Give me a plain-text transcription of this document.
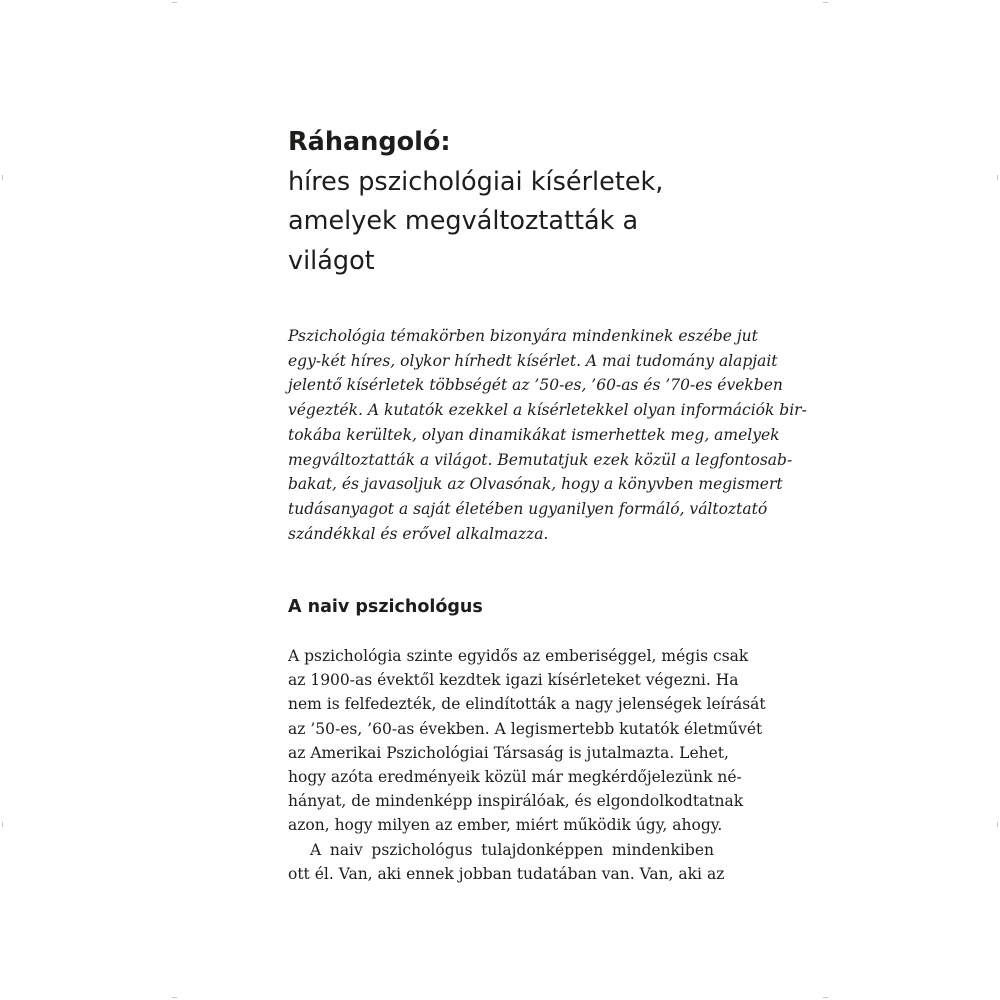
Ráhangoló:
híres pszichológiai kísérletek,
amelyek megváltoztatták a
világot

Pszichológia témakörben bizonyára mindenkinek eszébe jut
egy-két híres, olykor hírhedt kísérlet. A mai tudomány alapjait
jelentő kísérletek többségét az ’50-es, ’60-as és ’70-es években
végezték. A kutatók ezekkel a kísérletekkel olyan információk bir-
tokába kerültek, olyan dinamikákat ismerhettek meg, amelyek
megváltoztatták a világot. Bemutatjuk ezek közül a legfontosab-
bakat, és javasoljuk az Olvasónak, hogy a könyvben megismert
tudásanyagot a saját életében ugyanilyen formáló, változtató
szándékkal és erővel alkalmazza.

A naiv pszichológus
A pszichológia szinte egyidős az emberiséggel, mégis csak
az 1900-as évektől kezdtek igazi kísérleteket végezni. Ha
nem is felfedezték, de elindították a nagy jelenségek leírását
az ’50-es, ’60-as években. A legismertebb kutatók életművét
az Amerikai Pszichológiai Társaság is jutalmazta. Lehet,
hogy azóta eredményeik közül már megkérdőjelezünk né-
hányat, de mindenképp inspirálóak, és elgondolkodtatnak
azon, hogy milyen az ember, miért működik úgy, ahogy.
A naiv pszichológus tulajdonképpen mindenkiben
ott él. Van, aki ennek jobban tudatában van. Van, aki az
